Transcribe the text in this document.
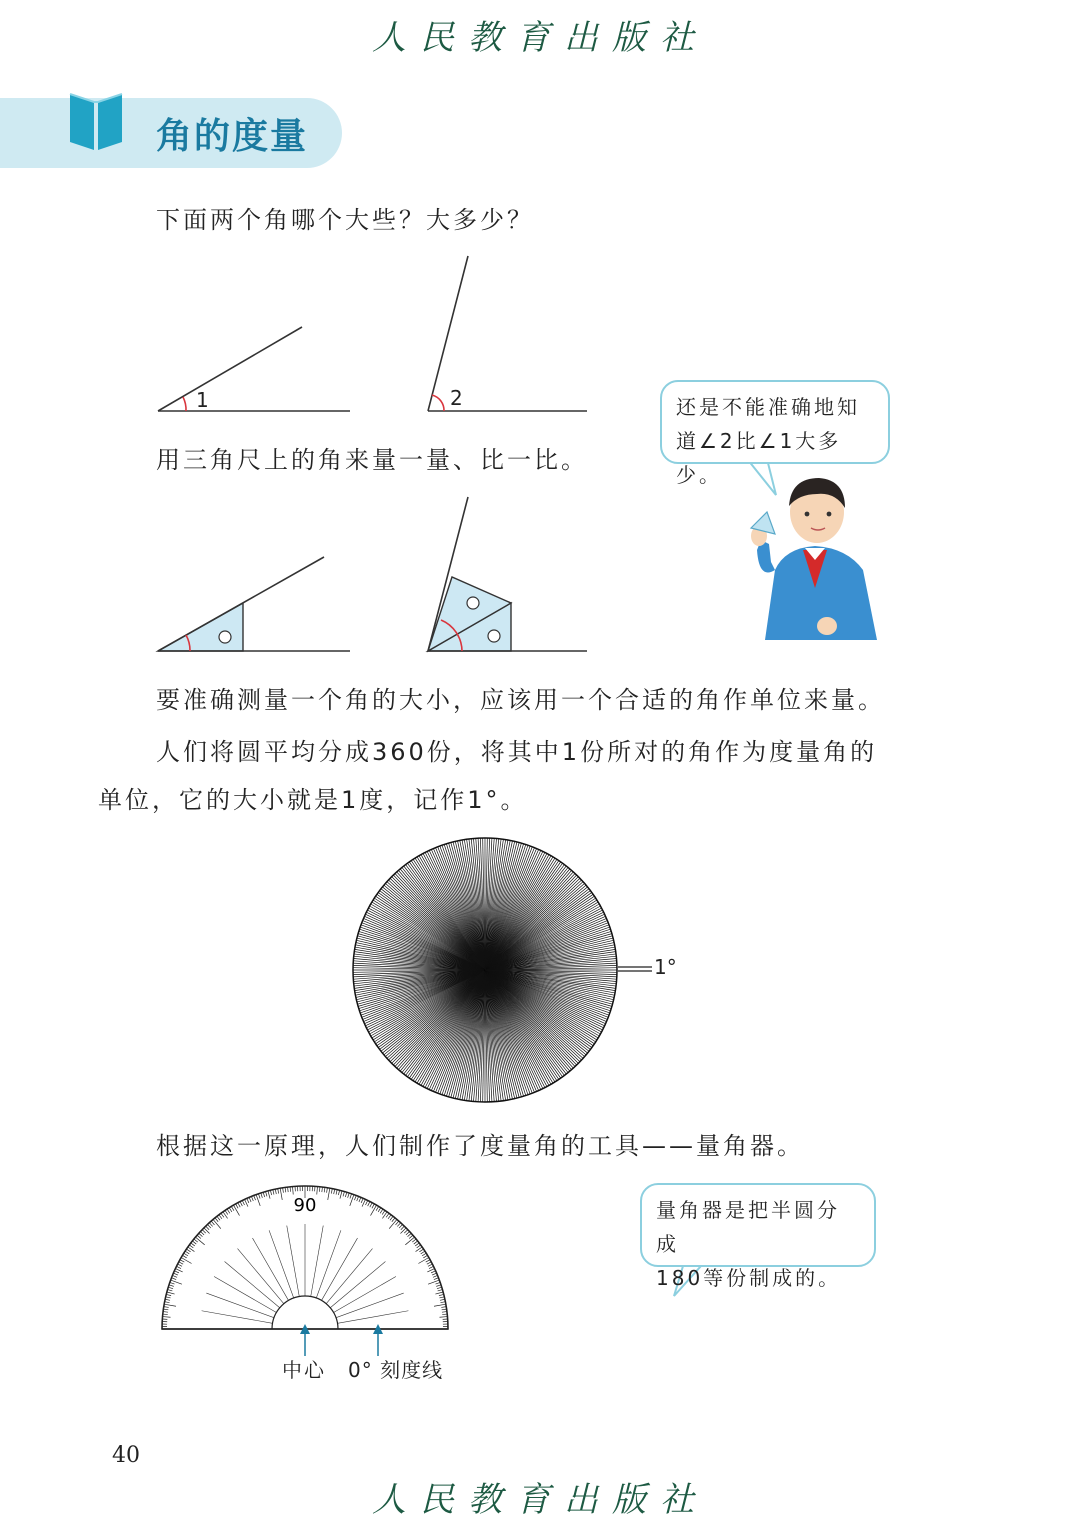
人民教育出版社
角的度量
下面两个角哪个大些？大多少？
1	2
用三角尺上的角来量一量、比一比。
还是不能准确地知
道∠2比∠1大多少。
要准确测量一个角的大小，应该用一个合适的角作单位来量。
人们将圆平均分成360份，将其中1份所对的角作为度量角的
单位，它的大小就是1度，记作1°。
1°
根据这一原理，人们制作了度量角的工具——量角器。
90
中心 0° 刻度线
量角器是把半圆分成
180等份制成的。
40
人民教育出版社
